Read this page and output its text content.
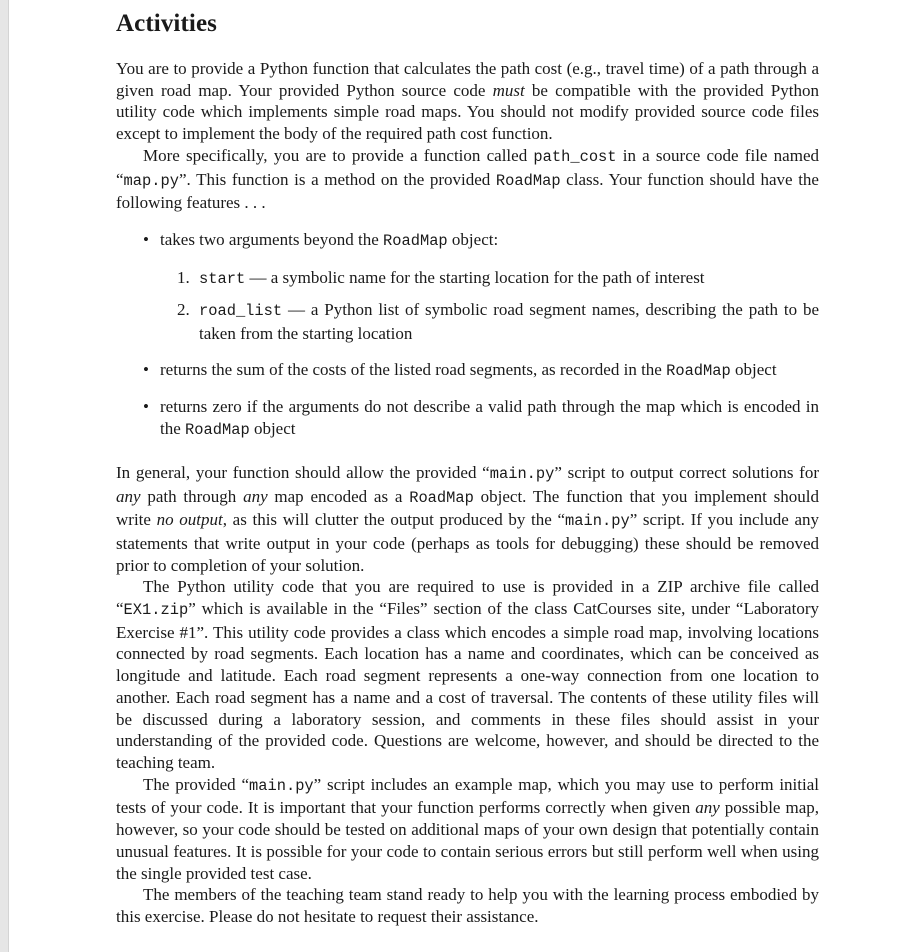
Activities

You are to provide a Python function that calculates the path cost (e.g., travel time) of a path through a given road map. Your provided Python source code must be compatible with the provided Python utility code which implements simple road maps. You should not modify provided source code files except to implement the body of the required path cost function.

More specifically, you are to provide a function called path_cost in a source code file named “map.py”. This function is a method on the provided RoadMap class. Your function should have the following features . . .

• takes two arguments beyond the RoadMap object:
1. start — a symbolic name for the starting location for the path of interest
2. road_list — a Python list of symbolic road segment names, describing the path to be taken from the starting location
• returns the sum of the costs of the listed road segments, as recorded in the RoadMap object
• returns zero if the arguments do not describe a valid path through the map which is encoded in the RoadMap object

In general, your function should allow the provided “main.py” script to output correct solutions for any path through any map encoded as a RoadMap object. The function that you implement should write no output, as this will clutter the output produced by the “main.py” script. If you include any statements that write output in your code (perhaps as tools for debugging) these should be removed prior to completion of your solution.

The Python utility code that you are required to use is provided in a ZIP archive file called “EX1.zip” which is available in the “Files” section of the class CatCourses site, under “Laboratory Exercise #1”. This utility code provides a class which encodes a simple road map, involving locations connected by road segments. Each location has a name and coordinates, which can be conceived as longitude and latitude. Each road segment represents a one-way connection from one location to another. Each road segment has a name and a cost of traversal. The contents of these utility files will be discussed during a laboratory session, and comments in these files should assist in your understanding of the provided code. Questions are welcome, however, and should be directed to the teaching team.

The provided “main.py” script includes an example map, which you may use to perform initial tests of your code. It is important that your function performs correctly when given any possible map, however, so your code should be tested on additional maps of your own design that potentially contain unusual features. It is possible for your code to contain serious errors but still perform well when using the single provided test case.

The members of the teaching team stand ready to help you with the learning process embodied by this exercise. Please do not hesitate to request their assistance.
